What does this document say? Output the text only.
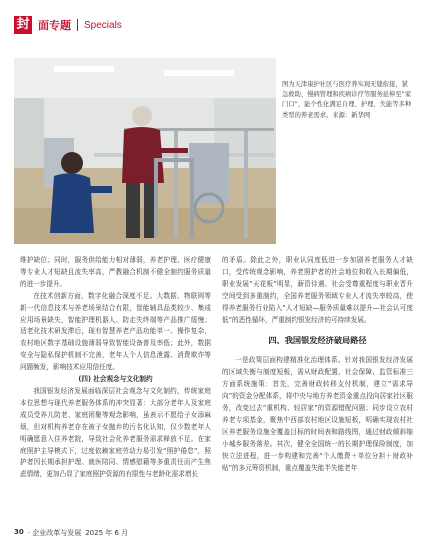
封 面专题 Specials
图为天津康护社区与医疗养实现无缝衔接，紧急救助、慢病管理和疾病诊疗等服务延伸至“家门口”，能个性化满足自理、护理、失能等多种类型的养老需求。来源：新华网

维护缺位；同时，服务供给能力相对薄弱，养老护理、医疗健康等专业人才短缺且流失率高，严教融合机制不健全制约服务质量的进一步提升。

在技术创新方面，数字化融合深度不足。大数据、物联网等新一代信息技术与养老场景结合有限，智能辅具品类较少、集成应用场景缺失，智能护理机器人、防走失终端等产品推广缓慢；适老化技术研发滞后，现有智慧养老产品功能单一、操作复杂，农村地区数字基础设施薄弱导致智能设备普及率低；此外，数据安全与隐私保护机制不完善，老年人个人信息泄露、消费欺诈等问题频发，影响技术应用信任度。

(四) 社会观念与文化制约

我国银发经济发展面临深层社会观念与文化制约，传统家庭本位思想与现代养老服务体系的冲突显著：大部分老年人及家庭成员受养儿防老、家庭团聚等观念影响，虽表示不愿给子女添麻烦，但对机构养老存在被子女抛弃的污名化认知，仅少数老年人明确愿意入住养老院，导致社会化养老服务需求释放不足。在家庭照护主导模式下，过度依赖家庭劳动力易引发“照护倦怠”，照护者因长期承担护理、就医陪同、情感慰藉等多重责任而产生焦虑情绪，更加凸显了家庭照护资源的有限性与老龄化需求增长

的矛盾。除此之外，职业认同度低进一步加剧养老服务人才缺口，受传统观念影响，养老照护者的社会地位和收入长期偏低，职业发展“天花板”明显，薪资待遇、社会受尊重程度与职业晋升空间受到多重制约，全国养老服务领域专业人才流失率较高，使得养老服务行业陷入“人才短缺—服务质量难以提升—社会认可度低”的恶性循环，严重制约银发经济的可持续发展。

四、我国银发经济破局路径

一是政策层面构建精准化治理体系。针对我国银发经济发展的区域失衡与制度短板，需从财政配置、社会保障、监管标准三方面系统施策：首先，完善财政转移支付机制，建立“需求导向”的资金分配体系，将中央与地方养老资金重点投向居家社区服务，改变过去“重机构、轻居家”的资源错配问题；同步设立农村养老专项基金，聚焦中西部农村地区设施短板，明确实现农村社区养老服务设施全覆盖目标的时间表和路线图，通过财政倾斜缩小城乡服务落差。其次，健全全国统一的长期护理保险制度，加快立法进程，进一步构建和完善“个人缴费＋单位分担＋财政补贴”的多元筹资机制，重点覆盖失能半失能老年

30 · 企业改革与发展 2025 年 6 月
